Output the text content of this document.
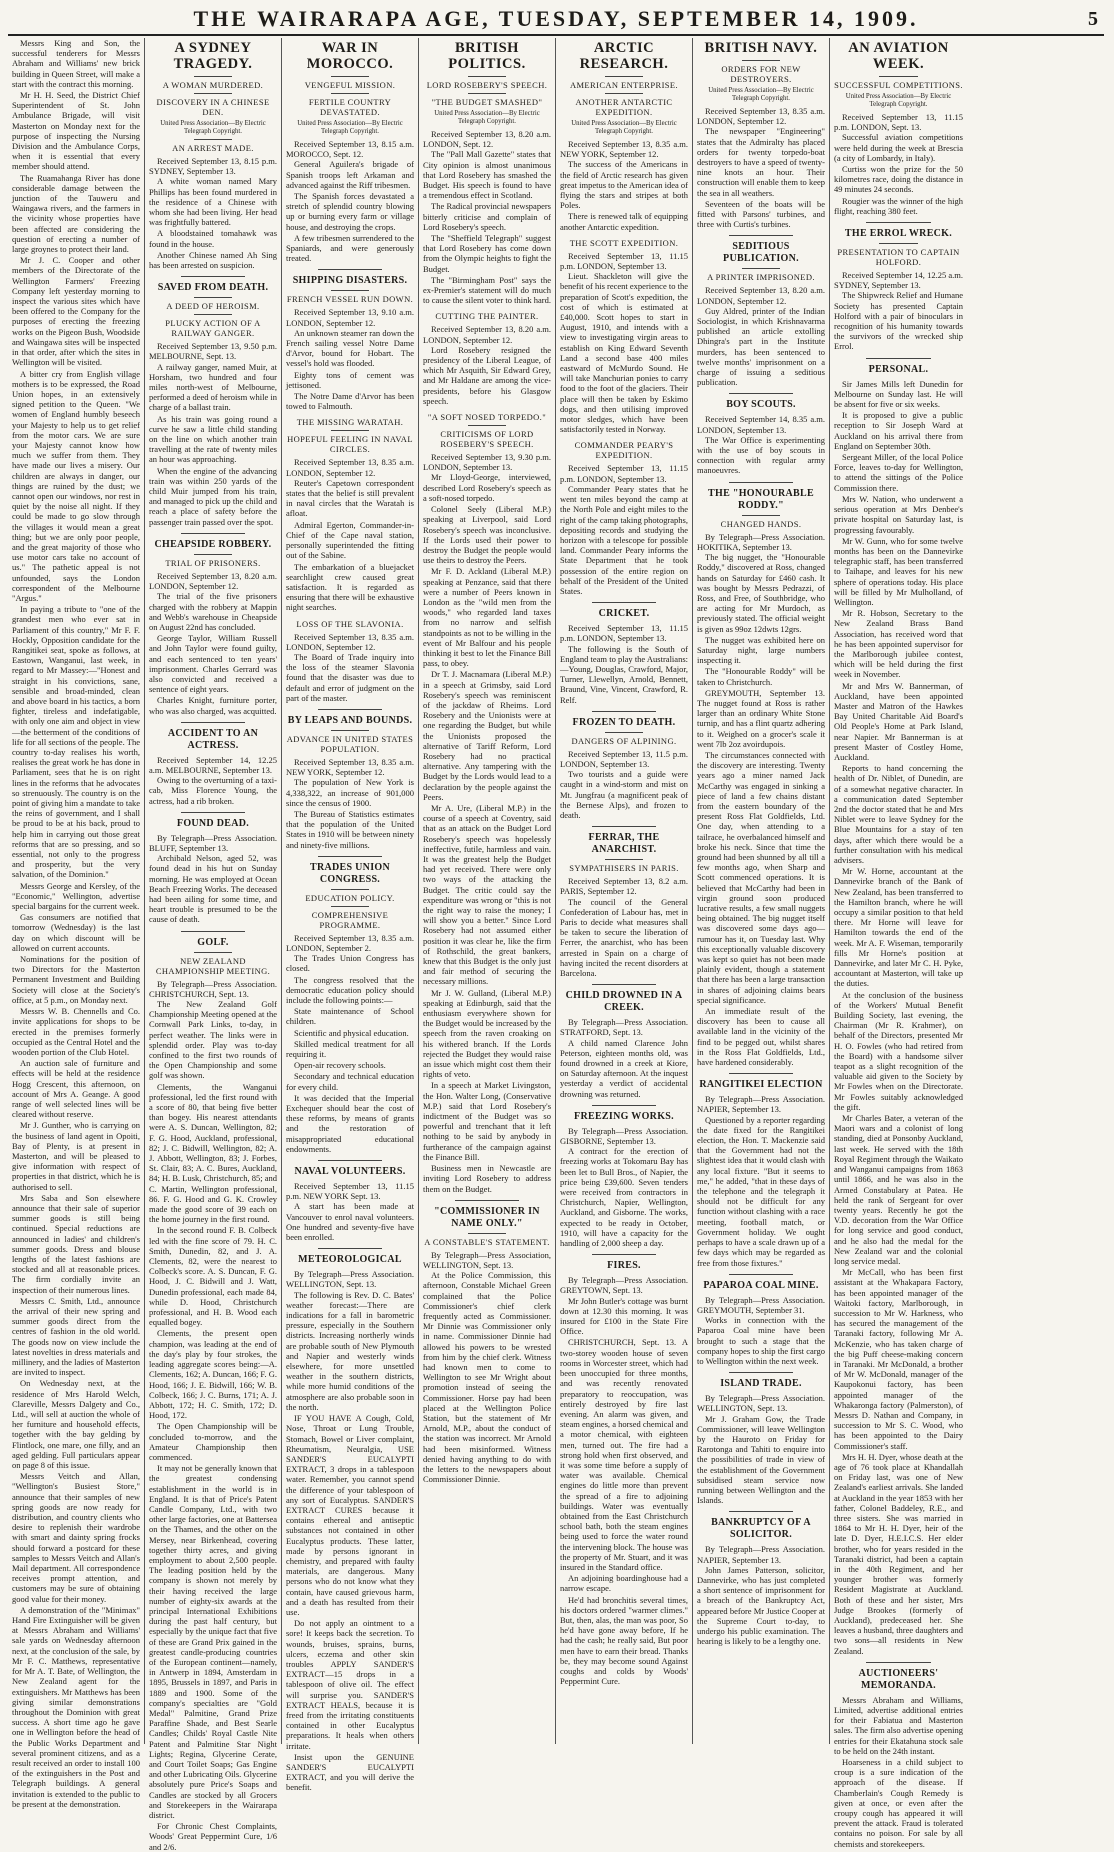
THE WAIRARAPA AGE, TUESDAY, SEPTEMBER 14, 1909.	5

Messrs King and Son, the successful tenderers for Messrs Abraham and Williams' new brick building in Queen Street, will make a start with the contract this morning.

Mr H. H. Seed, the District Chief Superintendent of St. John Ambulance Brigade, will visit Masterton on Monday next for the purpose of inspecting the Nursing Division and the Ambulance Corps, when it is essential that every member should attend.

The Ruamahanga River has done considerable damage between the junction of the Tauweru and Waingawa rivers, and the farmers in the vicinity whose properties have been affected are considering the question of erecting a number of large groynes to protect their land.

Mr J. C. Cooper and other members of the Directorate of the Wellington Farmers' Freezing Company left yesterday morning to inspect the various sites which have been offered to the Company for the purposes of erecting the freezing works on the Pigeon Bush, Woodside and Waingawa sites will be inspected in that order, after which the sites in Wellington will be visited.

A bitter cry from English village mothers is to be expressed, the Road Union hopes, in an extensively signed petition to the Queen. "We women of England humbly beseech your Majesty to help us to get relief from the motor cars. We are sure your Majesty cannot know how much we suffer from them. They have made our lives a misery. Our children are always in danger, our things are ruined by the dust; we cannot open our windows, nor rest in quiet by the noise all night. If they could be made to go slow through the villages it would mean a great thing; but we are only poor people, and the great majority of those who use motor cars take no account of us." The pathetic appeal is not unfounded, says the London correspondent of the Melbourne "Argus."

In paying a tribute to "one of the grandest men who ever sat in Parliament of this country," Mr F. F. Hockly, Opposition candidate for the Rangitikei seat, spoke as follows, at Eastown, Wanganui, last week, in regard to Mr Massey:—"Honest and straight in his convictions, sane, sensible and broad-minded, clean and above board in his tactics, a born fighter, tireless and indefatigable, with only one aim and object in view—the betterment of the conditions of life for all sections of the people. The country to-day realises his worth, realises the great work he has done in Parliament, sees that he is on right lines in the reforms that he advocates so strenuously. The country is on the point of giving him a mandate to take the reins of government, and I shall be proud to be at his back, proud to help him in carrying out those great reforms that are so pressing, and so essential, not only to the progress and prosperity, but the very salvation, of the Dominion."

Messrs George and Kersley, of the "Economic," Wellington, advertise special bargains for the current week.

Gas consumers are notified that tomorrow (Wednesday) is the last day on which discount will be allowed on current accounts.

Nominations for the position of two Directors for the Masterton Permanent Investment and Building Society will close at the Society's office, at 5 p.m., on Monday next.

Messrs W. B. Chennells and Co. invite applications for shops to be erected in the premises formerly occupied as the Central Hotel and the wooden portion of the Club Hotel.

An auction sale of furniture and effects will be held at the residence Hogg Crescent, this afternoon, on account of Mrs A. Geange. A good range of well selected lines will be cleared without reserve.

Mr J. Gunther, who is carrying on the business of land agent in Opoiti, Bay of Plenty, is at present in Masterton, and will be pleased to give information with respect of properties in that district, which he is authorised to sell.

Mrs Saba and Son elsewhere announce that their sale of superior summer goods is still being continued. Special reductions are announced in ladies' and children's summer goods. Dress and blouse lengths of the latest fashions are stocked and all at reasonable prices. The firm cordially invite an inspection of their numerous lines.

Messrs C. Smith, Ltd., announce the arrival of their new spring and summer goods direct from the centres of fashion in the old world. The goods now on view include the latest novelties in dress materials and millinery, and the ladies of Masterton are invited to inspect.

On Wednesday next, at the residence of Mrs Harold Welch, Clareville, Messrs Dalgety and Co., Ltd., will sell at auction the whole of her furniture and household effects, together with the bay gelding by Flintlock, one mare, one filly, and an aged gelding. Full particulars appear on page 8 of this issue.

Messrs Veitch and Allan, "Wellington's Busiest Store," announce that their samples of new spring goods are now ready for distribution, and country clients who desire to replenish their wardrobe with smart and dainty spring frocks should forward a postcard for these samples to Messrs Veitch and Allan's Mail department. All correspondence receives prompt attention, and customers may be sure of obtaining good value for their money.

A demonstration of the "Minimax" Hand Fire Extinguisher will be given at Messrs Abraham and Williams' sale yards on Wednesday afternoon next, at the conclusion of the sale, by Mr F. C. Matthews, representative for Mr A. T. Bate, of Wellington, the New Zealand agent for the extinguishers. Mr Matthews has been giving similar demonstrations throughout the Dominion with great success. A short time ago he gave one in Wellington before the head of the Public Works Department and several prominent citizens, and as a result received an order to install 100 of the extinguishers in the Post and Telegraph buildings. A general invitation is extended to the public to be present at the demonstration.

A SYDNEY TRAGEDY.
A WOMAN MURDERED.
DISCOVERY IN A CHINESE DEN.
United Press Association—By Electric Telegraph Copyright.
AN ARREST MADE.

Received September 13, 8.15 p.m. SYDNEY, September 13.

A white woman named Mary Phillips has been found murdered in the residence of a Chinese with whom she had been living. Her head was frightfully battered.

A bloodstained tomahawk was found in the house.

Another Chinese named Ah Sing has been arrested on suspicion.

SAVED FROM DEATH.
A DEED OF HEROISM.
PLUCKY ACTION OF A RAILWAY GANGER.

Received September 13, 9.50 p.m. MELBOURNE, Sept. 13.

A railway ganger, named Muir, at Horsham, two hundred and four miles north-west of Melbourne, performed a deed of heroism while in charge of a ballast train.

As his train was going round a curve he saw a little child standing on the line on which another train travelling at the rate of twenty miles an hour was approaching.

When the engine of the advancing train was within 250 yards of the child Muir jumped from his train, and managed to pick up the child and reach a place of safety before the passenger train passed over the spot.

CHEAPSIDE ROBBERY.
TRIAL OF PRISONERS.

Received September 13, 8.20 a.m. LONDON, September 12.

The trial of the five prisoners charged with the robbery at Mappin and Webb's warehouse in Cheapside on August 22nd has concluded.

George Taylor, William Russell and John Taylor were found guilty, and each sentenced to ten years' imprisonment. Charles Gerrard was also convicted and received a sentence of eight years.

Charles Knight, furniture porter, who was also charged, was acquitted.

ACCIDENT TO AN ACTRESS.

Received September 14, 12.25 a.m. MELBOURNE, September 13.

Owing to the overturning of a taxi-cab, Miss Florence Young, the actress, had a rib broken.

FOUND DEAD.

By Telegraph—Press Association. BLUFF, September 13.

Archibald Nelson, aged 52, was found dead in his hut on Sunday morning. He was employed at Ocean Beach Freezing Works. The deceased had been ailing for some time, and heart trouble is presumed to be the cause of death.

GOLF.
NEW ZEALAND CHAMPIONSHIP MEETING.

By Telegraph—Press Association. CHRISTCHURCH, Sept. 13.

The New Zealand Golf Championship Meeting opened at the Cornwall Park Links, to-day, in perfect weather. The links were in splendid order. Play was to-day confined to the first two rounds of the Open Championship and some golf was shown.

Clements, the Wanganui professional, led the first round with a score of 80, that being five better than bogey. His nearest attendants were A. S. Duncan, Wellington, 82; F. G. Hood, Auckland, professional, 82; J. C. Bidwill, Wellington, 82; A. J. Abbott, Wellington, 83; J. Forbes, St. Clair, 83; A. C. Bures, Auckland, 84; H. B. Lusk, Christchurch, 85; and C. Martin, Wellington professional, 86. F. G. Hood and G. K. Crowley made the good score of 39 each on the home journey in the first round.

In the second round F. B. Colbeck led with the fine score of 79. H. C. Smith, Dunedin, 82, and J. A. Clements, 82, were the nearest to Colbeck's score. A. S. Duncan, F. G. Hood, J. C. Bidwill and J. Watt, Dunedin professional, each made 84, while D. Hood, Christchurch professional, and H. B. Wood each equalled bogey.

Clements, the present open champion, was leading at the end of the day's play by four strokes, the leading aggregate scores being:—A. Clements, 162; A. Duncan, 166; F. G. Hood, 166; J. E. Bidwill, 166; W. B. Colbeck, 166; J. C. Burns, 171; A. J. Abbott, 172; H. C. Smith, 172; D. Hood, 172.

The Open Championship will be concluded to-morrow, and the Amateur Championship then commenced.

It may not be generally known that the greatest condensing establishment in the world is in England. It is that of Price's Patent Candle Company, Ltd., with two other large factories, one at Battersea on the Thames, and the other on the Mersey, near Birkenhead, covering together thirty acres, and giving employment to about 2,500 people. The leading position held by the company is shown not merely by their having received the large number of eighty-six awards at the principal International Exhibitions during the past half century, but especially by the unique fact that five of these are Grand Prix gained in the greatest candle-producing countries of the European continent—namely, in Antwerp in 1894, Amsterdam in 1895, Brussels in 1897, and Paris in 1889 and 1900. Some of the company's specialties are "Gold Medal" Palmitine, Grand Prize Paraffine Shade, and Best Searle Candles; Childs' Royal Castle Nite Patent and Palmitine Star Night Lights; Regina, Glycerine Cerate, and Court Toilet Soaps; Gas Engine and other Lubricating Oils. Glycerine absolutely pure Price's Soaps and Candles are stocked by all Grocers and Storekeepers in the Wairarapa district.

For Chronic Chest Complaints, Woods' Great Peppermint Cure, 1/6 and 2/6.

WAR IN MOROCCO.
VENGEFUL MISSION.
FERTILE COUNTRY DEVASTATED.
United Press Association—By Electric Telegraph Copyright.

Received September 13, 8.15 a.m. MOROCCO, Sept. 12.

General Aguilera's brigade of Spanish troops left Arkaman and advanced against the Riff tribesmen.

The Spanish forces devastated a stretch of splendid country blowing up or burning every farm or village house, and destroying the crops.

A few tribesmen surrendered to the Spaniards, and were generously treated.

SHIPPING DISASTERS.
FRENCH VESSEL RUN DOWN.

Received September 13, 9.10 a.m. LONDON, September 12.

An unknown steamer ran down the French sailing vessel Notre Dame d'Arvor, bound for Hobart. The vessel's hold was flooded.

Eighty tons of cement was jettisoned.

The Notre Dame d'Arvor has been towed to Falmouth.

THE MISSING WARATAH.
HOPEFUL FEELING IN NAVAL CIRCLES.

Received September 13, 8.35 a.m. LONDON, September 12.

Reuter's Capetown correspondent states that the belief is still prevalent in naval circles that the Waratah is afloat.

Admiral Egerton, Commander-in-Chief of the Cape naval station, personally superintended the fitting out of the Sabine.

The embarkation of a bluejacket searchlight crew caused great satisfaction. It is regarded as ensuring that there will be exhaustive night searches.

LOSS OF THE SLAVONIA.

Received September 13, 8.35 a.m. LONDON, September 12.

The Board of Trade inquiry into the loss of the steamer Slavonia found that the disaster was due to default and error of judgment on the part of the master.

BY LEAPS AND BOUNDS.
ADVANCE IN UNITED STATES POPULATION.

Received September 13, 8.35 a.m. NEW YORK, September 12.

The population of New York is 4,338,322, an increase of 901,000 since the census of 1900.

The Bureau of Statistics estimates that the population of the United States in 1910 will be between ninety and ninety-five millions.

TRADES UNION CONGRESS.
EDUCATION POLICY.
COMPREHENSIVE PROGRAMME.

Received September 13, 8.35 a.m. LONDON, September 2.

The Trades Union Congress has closed.

The congress resolved that the democratic education policy should include the following points:—

State maintenance of School children.

Scientific and physical education.

Skilled medical treatment for all requiring it.

Open-air recovery schools.

Secondary and technical education for every child.

It was decided that the Imperial Exchequer should bear the cost of these reforms, by means of grants and the restoration of misappropriated educational endowments.

NAVAL VOLUNTEERS.

Received September 13, 11.15 p.m. NEW YORK Sept. 13.

A start has been made at Vancouver to enrol naval volunteers. One hundred and seventy-five have been enrolled.

METEOROLOGICAL

By Telegraph—Press Association. WELLINGTON, Sept. 13.

The following is Rev. D. C. Bates' weather forecast:—There are indications for a fall in barometric pressure, especially in the Southern districts. Increasing northerly winds are probable south of New Plymouth and Napier and westerly winds elsewhere, for more unsettled weather in the southern districts, while more humid conditions of the atmosphere are also probable soon in the north.

IF YOU HAVE A Cough, Cold, Nose, Throat or Lung Trouble, Stomach, Bowel or Liver complaint, Rheumatism, Neuralgia, USE SANDER'S EUCALYPTI EXTRACT, 3 drops in a tablespoon water. Remember, you cannot spend the difference of your tablespoon of any sort of Eucalyptus. SANDER'S EXTRACT CURES because it contains ethereal and antiseptic substances not contained in other Eucalyptus products. These latter, made by persons ignorant in chemistry, and prepared with faulty materials, are dangerous. Many persons who do not know what they contain, have caused grievous harm, and a death has resulted from their use.

Do not apply an ointment to a sore! It keeps back the secretion. To wounds, bruises, sprains, burns, ulcers, eczema and other skin troubles APPLY SANDER'S EXTRACT—15 drops in a tablespoon of olive oil. The effect will surprise you. SANDER'S EXTRACT HEALS, because it is freed from the irritating constituents contained in other Eucalyptus preparations. It heals when others irritate.

Insist upon the GENUINE SANDER'S EUCALYPTI EXTRACT, and you will derive the benefit.

BRITISH POLITICS.
LORD ROSEBERY'S SPEECH.
"THE BUDGET SMASHED"
United Press Association—By Electric Telegraph Copyright.

Received September 13, 8.20 a.m. LONDON, Sept. 12.

The "Pall Mall Gazette" states that City opinion is almost unanimous that Lord Rosebery has smashed the Budget. His speech is found to have a tremendous effect in Scotland.

The Radical provincial newspapers bitterly criticise and complain of Lord Rosebery's speech.

The "Sheffield Telegraph" suggest that Lord Rosebery has come down from the Olympic heights to fight the Budget.

The "Birmingham Post" says the ex-Premier's statement will do much to cause the silent voter to think hard.

CUTTING THE PAINTER.

Received September 13, 8.20 a.m. LONDON, September 12.

Lord Rosebery resigned the presidency of the Liberal League, of which Mr Asquith, Sir Edward Grey, and Mr Haldane are among the vice-presidents, before his Glasgow speech.

"A SOFT NOSED TORPEDO."
CRITICISMS OF LORD ROSEBERY'S SPEECH.

Received September 13, 9.30 p.m. LONDON, September 13.

Mr Lloyd-George, interviewed, described Lord Rosebery's speech as a soft-nosed torpedo.

Colonel Seely (Liberal M.P.) speaking at Liverpool, said Lord Rosebery's speech was inconclusive. If the Lords used their power to destroy the Budget the people would use theirs to destroy the Peers.

Mr F. D. Ackland (Liberal M.P.) speaking at Penzance, said that there were a number of Peers known in London as the "wild men from the woods," who regarded land taxes from no narrow and selfish standpoints as not to be willing in the event of Mr Balfour and his people thinking it best to let the Finance Bill pass, to obey.

Dr T. J. Macnamara (Liberal M.P.) in a speech at Grimsby, said Lord Rosebery's speech was reminiscent of the jackdaw of Rheims. Lord Rosebery and the Unionists were at one regarding the Budget, but while the Unionists proposed the alternative of Tariff Reform, Lord Rosebery had no practical alternative. Any tampering with the Budget by the Lords would lead to a declaration by the people against the Peers.

Mr A. Ure, (Liberal M.P.) in the course of a speech at Coventry, said that as an attack on the Budget Lord Rosebery's speech was hopelessly ineffective, futile, harmless and vain. It was the greatest help the Budget had yet received. There were only two ways of the attacking the Budget. The critic could say the expenditure was wrong or "this is not the right way to raise the money; I will show you a better." Since Lord Rosebery had not assumed either position it was clear he, like the firm of Rothschild, the great bankers, knew that this Budget is the only just and fair method of securing the necessary millions.

Mr J. W. Gulland, (Liberal M.P.) speaking at Edinburgh, said that the enthusiasm everywhere shown for the Budget would be increased by the speech from the raven croaking on his withered branch. If the Lords rejected the Budget they would raise an issue which might cost them their rights of veto.

In a speech at Market Livingston, the Hon. Walter Long, (Conservative M.P.) said that Lord Rosebery's indictment of the Budget was so powerful and trenchant that it left nothing to be said by anybody in furtherance of the campaign against the Finance Bill.

Business men in Newcastle are inviting Lord Rosebery to address them on the Budget.

"COMMISSIONER IN NAME ONLY."
A CONSTABLE'S STATEMENT.

By Telegraph—Press Association, WELLINGTON, Sept. 13.

At the Police Commission, this afternoon, Constable Michael Green complained that the Police Commissioner's chief clerk frequently acted as Commissioner. Mr Dinnie was Commissioner only in name. Commissioner Dinnie had allowed his powers to be wrested from him by the chief clerk. Witness had known men to come to Wellington to see Mr Wright about promotion instead of seeing the Commissioner. Horse pay had been placed at the Wellington Police Station, but the statement of Mr Arnold, M.P., about the conduct of the station was incorrect. Mr Arnold had been misinformed. Witness denied having anything to do with the letters to the newspapers about Commissioner Dinnie.

ARCTIC RESEARCH.
AMERICAN ENTERPRISE.
ANOTHER ANTARCTIC EXPEDITION.
United Press Association—By Electric Telegraph Copyright.

Received September 13, 8.35 a.m. NEW YORK, September 12.

The success of the Americans in the field of Arctic research has given great impetus to the American idea of flying the stars and stripes at both Poles.

There is renewed talk of equipping another Antarctic expedition.

THE SCOTT EXPEDITION.

Received September 13, 11.15 p.m. LONDON, September 13.

Lieut. Shackleton will give the benefit of his recent experience to the preparation of Scott's expedition, the cost of which is estimated at £40,000. Scott hopes to start in August, 1910, and intends with a view to investigating virgin areas to establish on King Edward Seventh Land a second base 400 miles eastward of McMurdo Sound. He will take Manchurian ponies to carry food to the foot of the glaciers. Their place will then be taken by Eskimo dogs, and then utilising improved motor sledges, which have been satisfactorily tested in Norway.

COMMANDER PEARY'S EXPEDITION.

Received September 13, 11.15 p.m. LONDON, September 13.

Commander Peary states that he went ten miles beyond the camp at the North Pole and eight miles to the right of the camp taking photographs, depositing records and studying the horizon with a telescope for possible land. Commander Peary informs the State Department that he took possession of the entire region on behalf of the President of the United States.

CRICKET.

Received September 13, 11.15 p.m. LONDON, September 13.

The following is the South of England team to play the Australians:—Young, Douglas, Crawford, Major, Turner, Llewellyn, Arnold, Bennett, Braund, Vine, Vincent, Crawford, R. Relf.

FROZEN TO DEATH.
DANGERS OF ALPINING.

Received September 13, 11.5 p.m. LONDON, September 13.

Two tourists and a guide were caught in a wind-storm and mist on Mt. Jungfrau (a magnificent peak of the Bernese Alps), and frozen to death.

FERRAR, THE ANARCHIST.
SYMPATHISERS IN PARIS.

Received September 13, 8.2 a.m. PARIS, September 12.

The council of the General Confederation of Labour has, met in Paris to decide what measures shall be taken to secure the liberation of Ferrer, the anarchist, who has been arrested in Spain on a charge of having incited the recent disorders at Barcelona.

CHILD DROWNED IN A CREEK.

By Telegraph—Press Association. STRATFORD, Sept. 13.

A child named Clarence John Peterson, eighteen months old, was found drowned in a creek at Kiore, on Saturday afternoon. At the inquest yesterday a verdict of accidental drowning was returned.

FREEZING WORKS.

By Telegraph—Press Association. GISBORNE, September 13.

A contract for the erection of freezing works at Tokomaru Bay has been let to Bull Bros., of Napier, the price being £39,600. Seven tenders were received from contractors in Christchurch, Napier, Wellington, Auckland, and Gisborne. The works, expected to be ready in October, 1910, will have a capacity for the handling of 2,000 sheep a day.

FIRES.

By Telegraph—Press Association. GREYTOWN, Sept. 13.

Mr John Butler's cottage was burnt down at 12.30 this morning. It was insured for £100 in the State Fire Office.

CHRISTCHURCH, Sept. 13. A two-storey wooden house of seven rooms in Worcester street, which had been unoccupied for three months, and was recently renovated preparatory to reoccupation, was entirely destroyed by fire last evening. An alarm was given, and steam engines, a horsed chemical and a motor chemical, with eighteen men, turned out. The fire had a strong hold when first observed, and it was some time before a supply of water was available. Chemical engines do little more than prevent the spread of a fire to adjoining buildings. Water was eventually obtained from the East Christchurch school bath, both the steam engines being used to force the water round the intervening block. The house was the property of Mr. Stuart, and it was insured in the Standard office.

An adjoining boardinghouse had a narrow escape.

He'd had bronchitis several times, his doctors ordered "warmer climes." But, then, alas, the man was poor, So he'd have gone away before, If he had the cash; he really said, But poor men have to earn their bread. Thanks be, they may become sound Against coughs and colds by Woods' Peppermint Cure.

BRITISH NAVY.
ORDERS FOR NEW DESTROYERS.
United Press Association—By Electric Telegraph Copyright.

Received September 13, 8.35 a.m. LONDON, September 12.

The newspaper "Engineering" states that the Admiralty has placed orders for twenty torpedo-boat destroyers to have a speed of twenty-nine knots an hour. Their construction will enable them to keep the sea in all weathers.

Seventeen of the boats will be fitted with Parsons' turbines, and three with Curtis's turbines.

SEDITIOUS PUBLICATION.
A PRINTER IMPRISONED.

Received September 13, 8.20 a.m. LONDON, September 12.

Guy Aldred, printer of the Indian Sociologist, in which Krishnavarma published an article extolling Dhingra's part in the Institute murders, has been sentenced to twelve months' imprisonment on a charge of issuing a seditious publication.

BOY SCOUTS.

Received September 14, 8.35 a.m. LONDON, September 13.

The War Office is experimenting with the use of boy scouts in connection with regular army manoeuvres.

THE "HONOURABLE RODDY."
CHANGED HANDS.

By Telegraph—Press Association. HOKITIKA, September 13.

The big nugget, the "Honourable Roddy," discovered at Ross, changed hands on Saturday for £460 cash. It was bought by Messrs Pedrazzi, of Ross, and Free, of Southbridge, who are acting for Mr Murdoch, as previously stated. The official weight is given as 99oz 12dwts 12grs.

The nugget was exhibited here on Saturday night, large numbers inspecting it.

The "Honourable Roddy" will be taken to Christchurch.

GREYMOUTH, September 13. The nugget found at Ross is rather larger than an ordinary White Stone turnip, and has a flint quartz adhering to it. Weighed on a grocer's scale it went 7lb 2oz avoirdupois.

The circumstances connected with the discovery are interesting. Twenty years ago a miner named Jack McCarthy was engaged in sinking a piece of land a few chains distant from the eastern boundary of the present Ross Flat Goldfields, Ltd. One day, when attending to a tailrace, he overbalanced himself and broke his neck. Since that time the ground had been shunned by all till a few months ago, when Sharp and Scott commenced operations. It is believed that McCarthy had been in virgin ground soon produced lucrative results, a few small nuggets being obtained. The big nugget itself was discovered some days ago—rumour has it, on Tuesday last. Why this exceptionally valuable discovery was kept so quiet has not been made plainly evident, though a statement that there has been a large transaction in shares of adjoining claims bears special significance.

An immediate result of the discovery has been to cause all available land in the vicinity of the find to be pegged out, whilst shares in the Ross Flat Goldfields, Ltd., have hardened considerably.

RANGITIKEI ELECTION

By Telegraph—Press Association. NAPIER, September 13.

Questioned by a reporter regarding the date fixed for the Rangitikei election, the Hon. T. Mackenzie said that the Government had not the slightest idea that it would clash with any local fixture. "But it seems to me," he added, "that in these days of the telephone and the telegraph it should not be difficult for any function without clashing with a race meeting, football match, or Government holiday. We ought perhaps to have a scale drawn up of a few days which may be regarded as free from those fixtures."

PAPAROA COAL MINE.

By Telegraph—Press Association. GREYMOUTH, September 31.

Works in connection with the Paparoa Coal mine have been brought to such a stage that the company hopes to ship the first cargo to Wellington within the next week.

ISLAND TRADE.

By Telegraph—Press Association. WELLINGTON, Sept. 13.

Mr J. Graham Gow, the Trade Commissioner, will leave Wellington by the Hauroto on Friday for Rarotonga and Tahiti to enquire into the possibilities of trade in view of the establishment of the Government subsidised steam service now running between Wellington and the Islands.

BANKRUPTCY OF A SOLICITOR.

By Telegraph—Press Association. NAPIER, September 13.

John James Patterson, solicitor, Dannevirke, who has just completed a short sentence of imprisonment for a breach of the Bankruptcy Act, appeared before Mr Justice Cooper at the Supreme Court to-day, to undergo his public examination. The hearing is likely to be a lengthy one.

AN AVIATION WEEK.
SUCCESSFUL COMPETITIONS.
United Press Association—By Electric Telegraph Copyright.

Received September 13, 11.15 p.m. LONDON, Sept. 13.

Successful aviation competitions were held during the week at Brescia (a city of Lombardy, in Italy).

Curtiss won the prize for the 50 kilometres race, doing the distance in 49 minutes 24 seconds.

Rougier was the winner of the high flight, reaching 380 feet.

THE ERROL WRECK.
PRESENTATION TO CAPTAIN HOLFORD.

Received September 14, 12.25 a.m. SYDNEY, September 13.

The Shipwreck Relief and Humane Society has presented Captain Holford with a pair of binoculars in recognition of his humanity towards the survivors of the wrecked ship Errol.

PERSONAL.

Sir James Mills left Dunedin for Melbourne on Sunday last. He will be absent for five or six weeks.

It is proposed to give a public reception to Sir Joseph Ward at Auckland on his arrival there from England on September 30th.

Sergeant Miller, of the local Police Force, leaves to-day for Wellington, to attend the sittings of the Police Commission there.

Mrs W. Nation, who underwent a serious operation at Mrs Denbee's private hospital on Saturday last, is progressing favourably.

Mr W. Gunn, who for some twelve months has been on the Dannevirke telegraphic staff, has been transferred to Taihape, and leaves for his new sphere of operations today. His place will be filled by Mr Mulholland, of Wellington.

Mr R. Hobson, Secretary to the New Zealand Brass Band Association, has received word that he has been appointed supervisor for the Marlborough jubilee contest, which will be held during the first week in November.

Mr and Mrs W. Bannerman, of Auckland, have been appointed Master and Matron of the Hawkes Bay United Charitable Aid Board's Old People's Home at Park Island, near Napier. Mr Bannerman is at present Master of Costley Home, Auckland.

Reports to hand concerning the health of Dr. Niblet, of Dunedin, are of a somewhat negative character. In a communication dated September 2nd the doctor stated that he and Mrs Niblet were to leave Sydney for the Blue Mountains for a stay of ten days, after which there would be a further consultation with his medical advisers.

Mr W. Horne, accountant at the Dannevirke branch of the Bank of New Zealand, has been transferred to the Hamilton branch, where he will occupy a similar position to that held there. Mr Horne will leave for Hamilton towards the end of the week. Mr A. F. Wiseman, temporarily fills Mr Horne's position at Dannevirke, and later Mr C. H. Pyke, accountant at Masterton, will take up the duties.

At the conclusion of the business of the Workers' Mutual Benefit Building Society, last evening, the Chairman (Mr R. Krahmer), on behalf of the Directors, presented Mr H. O. Fowles (who had retired from the Board) with a handsome silver teapot as a slight recognition of the valuable aid given to the Society by Mr Fowles when on the Directorate. Mr Fowles suitably acknowledged the gift.

Mr Charles Bater, a veteran of the Maori wars and a colonist of long standing, died at Ponsonby Auckland, last week. He served with the 18th Royal Regiment through the Waikato and Wanganui campaigns from 1863 until 1866, and he was also in the Armed Constabulary at Patea. He held the rank of Sergeant for over twenty years. Recently he got the V.D. decoration from the War Office for long service and good conduct, and he also had the medal for the New Zealand war and the colonial long service medal.

Mr McCall, who has been first assistant at the Whakapara Factory, has been appointed manager of the Waitoki factory, Marlborough, in succession to Mr W. Harkness, who has secured the management of the Taranaki factory, following Mr A. McKenzie, who has taken charge of the big Puff cheese-making concern in Taranaki. Mr McDonald, a brother of Mr W. McDonald, manager of the Kaupokonui factory, has been appointed manager of the Whakaronga factory (Palmerston), of Messrs D. Nathan and Company, in succession to Mr S. C. Wood, who has been appointed to the Dairy Commissioner's staff.

Mrs H. H. Dyer, whose death at the age of 76 took place at Khandallah on Friday last, was one of New Zealand's earliest arrivals. She landed at Auckland in the year 1853 with her father, Colonel Baddeley, R.E., and three sisters. She was married in 1864 to Mr H. H. Dyer, heir of the late D. Dyer, H.E.I.C.S. Her elder brother, who for years resided in the Taranaki district, had been a captain in the 40th Regiment, and her younger brother was formerly Resident Magistrate at Auckland. Both of these and her sister, Mrs Judge Brookes (formerly of Auckland), predeceased her. She leaves a husband, three daughters and two sons—all residents in New Zealand.

AUCTIONEERS' MEMORANDA.

Messrs Abraham and Williams, Limited, advertise additional entries for their Fabiatua and Masterton sales. The firm also advertise opening entries for their Ekatahuna stock sale to be held on the 24th instant.

Hoarseness in a child subject to croup is a sure indication of the approach of the disease. If Chamberlain's Cough Remedy is given at once, or even after the croupy cough has appeared it will prevent the attack. Fraud is tolerated contains no poison. For sale by all chemists and storekeepers.
